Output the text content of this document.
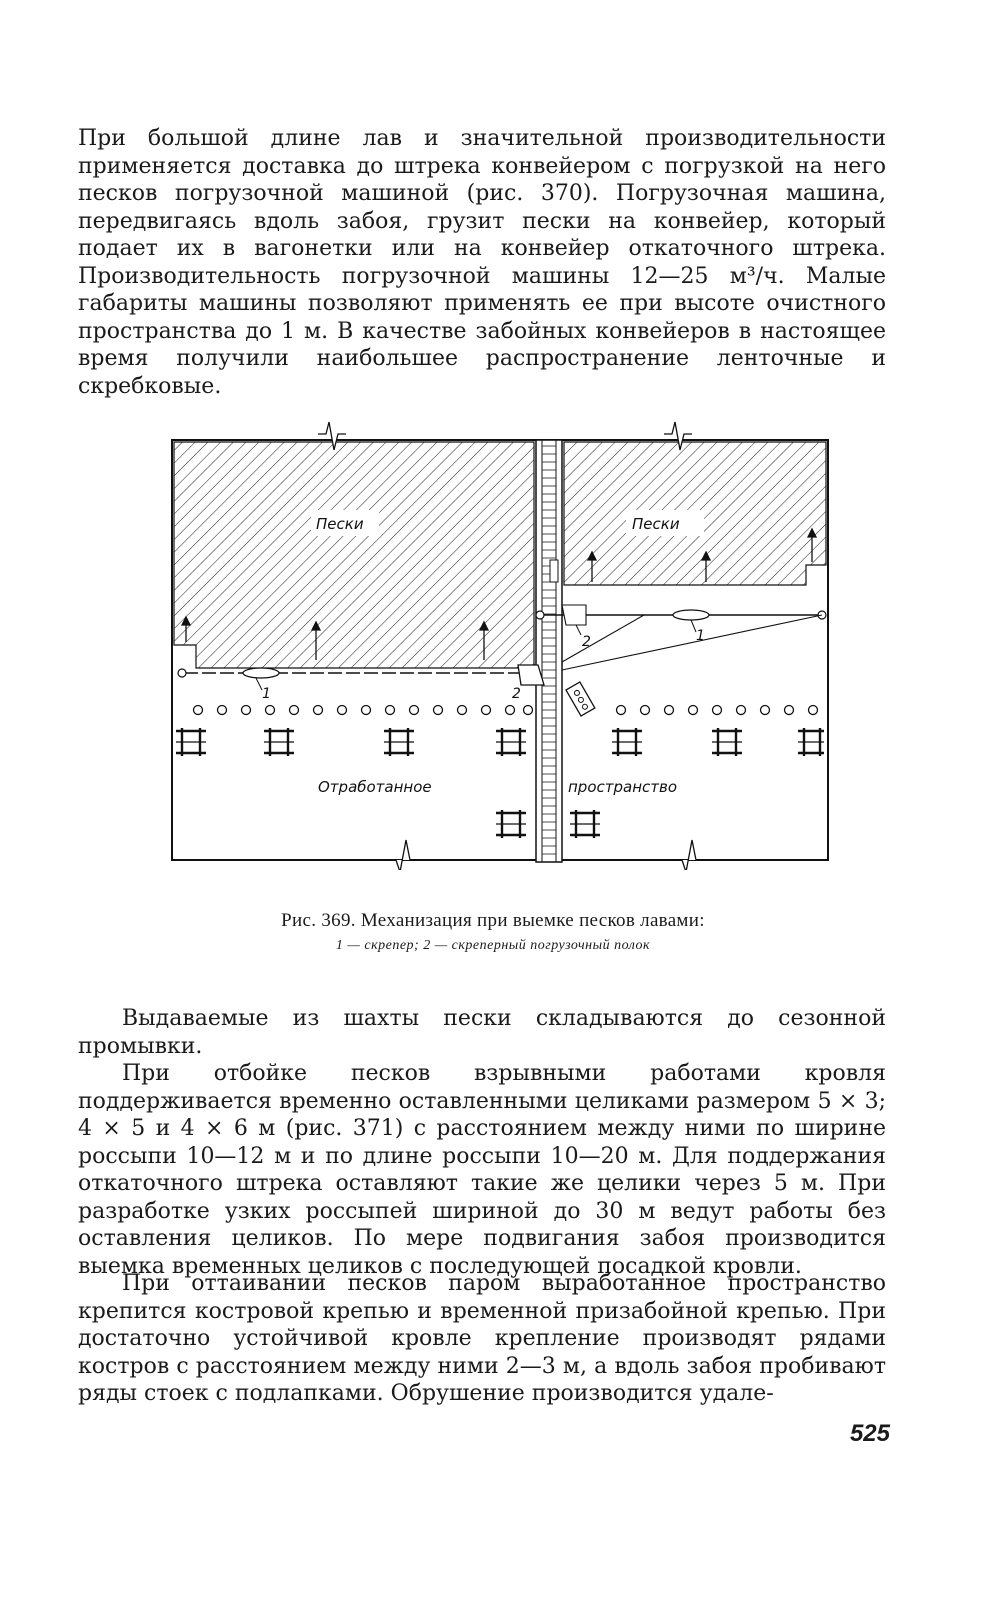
При большой длине лав и значительной производительности применяется доставка до штрека конвейером с погрузкой на него песков погрузочной машиной (рис. 370). Погрузочная машина, передвигаясь вдоль забоя, грузит пески на конвейер, который подает их в вагонетки или на конвейер откаточного штрека. Производительность погрузочной машины 12—25 м³/ч. Малые габариты машины позволяют применять ее при высоте очистного пространства до 1 м. В качестве забойных конвейеров в настоящее время получили наибольшее распространение ленточные и скребковые.

Пески	Пески
1
1
2
2
Отработанное	пространство
Рис. 369. Механизация при выемке песков лавами:
1 — скрепер; 2 — скреперный погрузочный полок

Выдаваемые из шахты пески складываются до сезонной промывки.

При отбойке песков взрывными работами кровля поддерживается временно оставленными целиками размером 5 × 3; 4 × 5 и 4 × 6 м (рис. 371) с расстоянием между ними по ширине россыпи 10—12 м и по длине россыпи 10—20 м. Для поддержания откаточного штрека оставляют такие же целики через 5 м. При разработке узких россыпей шириной до 30 м ведут работы без оставления целиков. По мере подвигания забоя производится выемка временных целиков с последующей посадкой кровли.

При оттаивании песков паром выработанное пространство крепится костровой крепью и временной призабойной крепью. При достаточно устойчивой кровле крепление производят рядами костров с расстоянием между ними 2—3 м, а вдоль забоя пробивают ряды стоек с подлапками. Обрушение производится удале-

525
